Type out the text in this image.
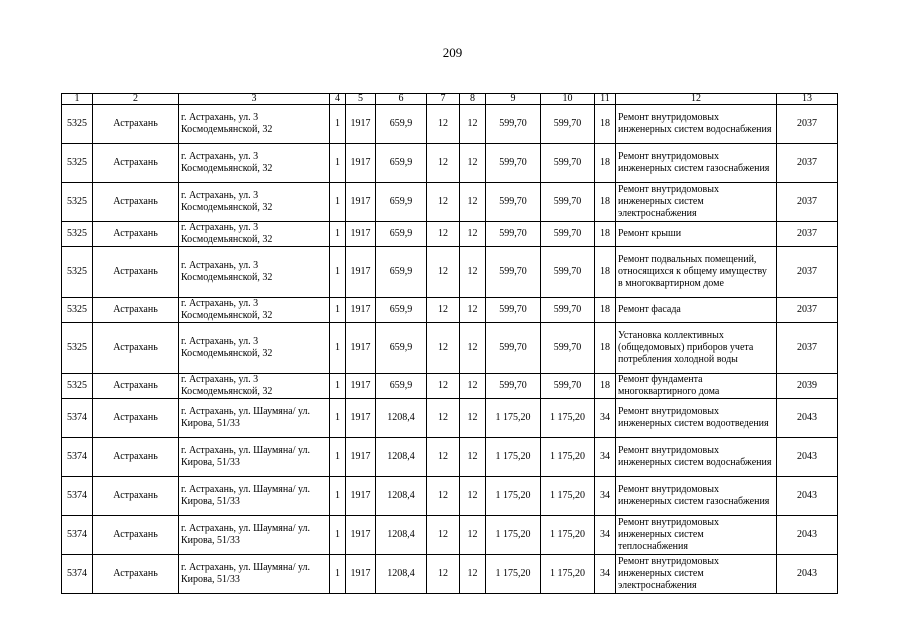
209
1	2	3	4	5	6	7	8	9	10	11	12	13
5325	Астрахань	г. Астрахань, ул. 3 Космодемьянской, 32	1	1917	659,9	12	12	599,70	599,70	18	Ремонт внутридомовых инженерных систем водоснабжения	2037
5325	Астрахань	г. Астрахань, ул. 3 Космодемьянской, 32	1	1917	659,9	12	12	599,70	599,70	18	Ремонт внутридомовых инженерных систем газоснабжения	2037
5325	Астрахань	г. Астрахань, ул. 3 Космодемьянской, 32	1	1917	659,9	12	12	599,70	599,70	18	Ремонт внутридомовых инженерных систем электроснабжения	2037
5325	Астрахань	г. Астрахань, ул. 3 Космодемьянской, 32	1	1917	659,9	12	12	599,70	599,70	18	Ремонт крыши	2037
5325	Астрахань	г. Астрахань, ул. 3 Космодемьянской, 32	1	1917	659,9	12	12	599,70	599,70	18	Ремонт подвальных помещений, относящихся к общему имуществу в многоквартирном доме	2037
5325	Астрахань	г. Астрахань, ул. 3 Космодемьянской, 32	1	1917	659,9	12	12	599,70	599,70	18	Ремонт фасада	2037
5325	Астрахань	г. Астрахань, ул. 3 Космодемьянской, 32	1	1917	659,9	12	12	599,70	599,70	18	Установка коллективных (общедомовых) приборов учета потребления холодной воды	2037
5325	Астрахань	г. Астрахань, ул. 3 Космодемьянской, 32	1	1917	659,9	12	12	599,70	599,70	18	Ремонт фундамента многоквартирного дома	2039
5374	Астрахань	г. Астрахань, ул. Шаумяна/ ул. Кирова, 51/33	1	1917	1208,4	12	12	1 175,20	1 175,20	34	Ремонт внутридомовых инженерных систем водоотведения	2043
5374	Астрахань	г. Астрахань, ул. Шаумяна/ ул. Кирова, 51/33	1	1917	1208,4	12	12	1 175,20	1 175,20	34	Ремонт внутридомовых инженерных систем водоснабжения	2043
5374	Астрахань	г. Астрахань, ул. Шаумяна/ ул. Кирова, 51/33	1	1917	1208,4	12	12	1 175,20	1 175,20	34	Ремонт внутридомовых инженерных систем газоснабжения	2043
5374	Астрахань	г. Астрахань, ул. Шаумяна/ ул. Кирова, 51/33	1	1917	1208,4	12	12	1 175,20	1 175,20	34	Ремонт внутридомовых инженерных систем теплоснабжения	2043
5374	Астрахань	г. Астрахань, ул. Шаумяна/ ул. Кирова, 51/33	1	1917	1208,4	12	12	1 175,20	1 175,20	34	Ремонт внутридомовых инженерных систем электроснабжения	2043
